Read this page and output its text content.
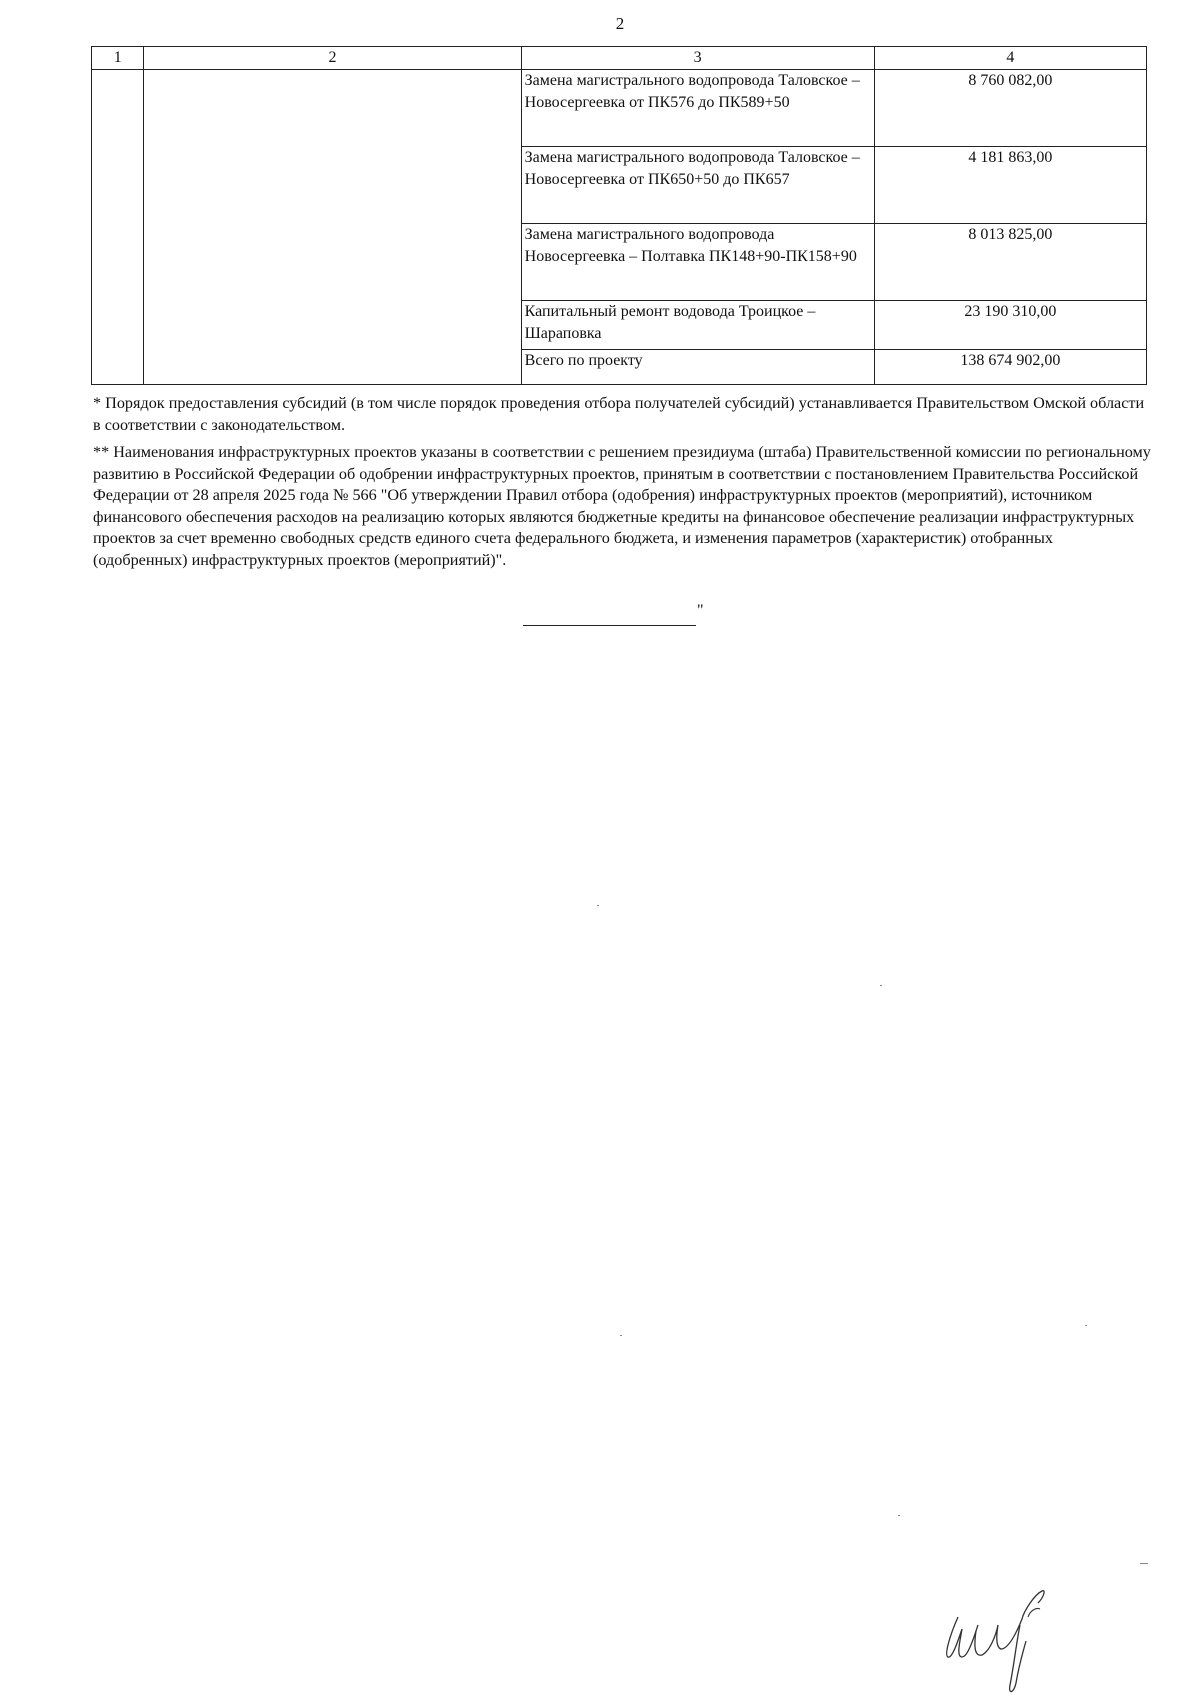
2
1	2	3	4
		Замена магистрального водопровода Таловское – Новосергеевка от ПК576 до ПК589+50	8 760 082,00
		Замена магистрального водопровода Таловское – Новосергеевка от ПК650+50 до ПК657	4 181 863,00
		Замена магистрального водопровода Новосергеевка – Полтавка ПК148+90-ПК158+90	8 013 825,00
		Капитальный ремонт водовода Троицкое – Шараповка	23 190 310,00
		Всего по проекту	138 674 902,00

* Порядок предоставления субсидий (в том числе порядок проведения отбора получателей субсидий) устанавливается Правительством Омской области в соответствии с законодательством.

** Наименования инфраструктурных проектов указаны в соответствии с решением президиума (штаба) Правительственной комиссии по региональному развитию в Российской Федерации об одобрении инфраструктурных проектов, принятым в соответствии с постановлением Правительства Российской Федерации от 28 апреля 2025 года № 566 "Об утверждении Правил отбора (одобрения) инфраструктурных проектов (мероприятий), источником финансового обеспечения расходов на реализацию которых являются бюджетные кредиты на финансовое обеспечение реализации инфраструктурных проектов за счет временно свободных средств единого счета федерального бюджета, и изменения параметров (характеристик) отобранных (одобренных) инфраструктурных проектов (мероприятий)".

"
